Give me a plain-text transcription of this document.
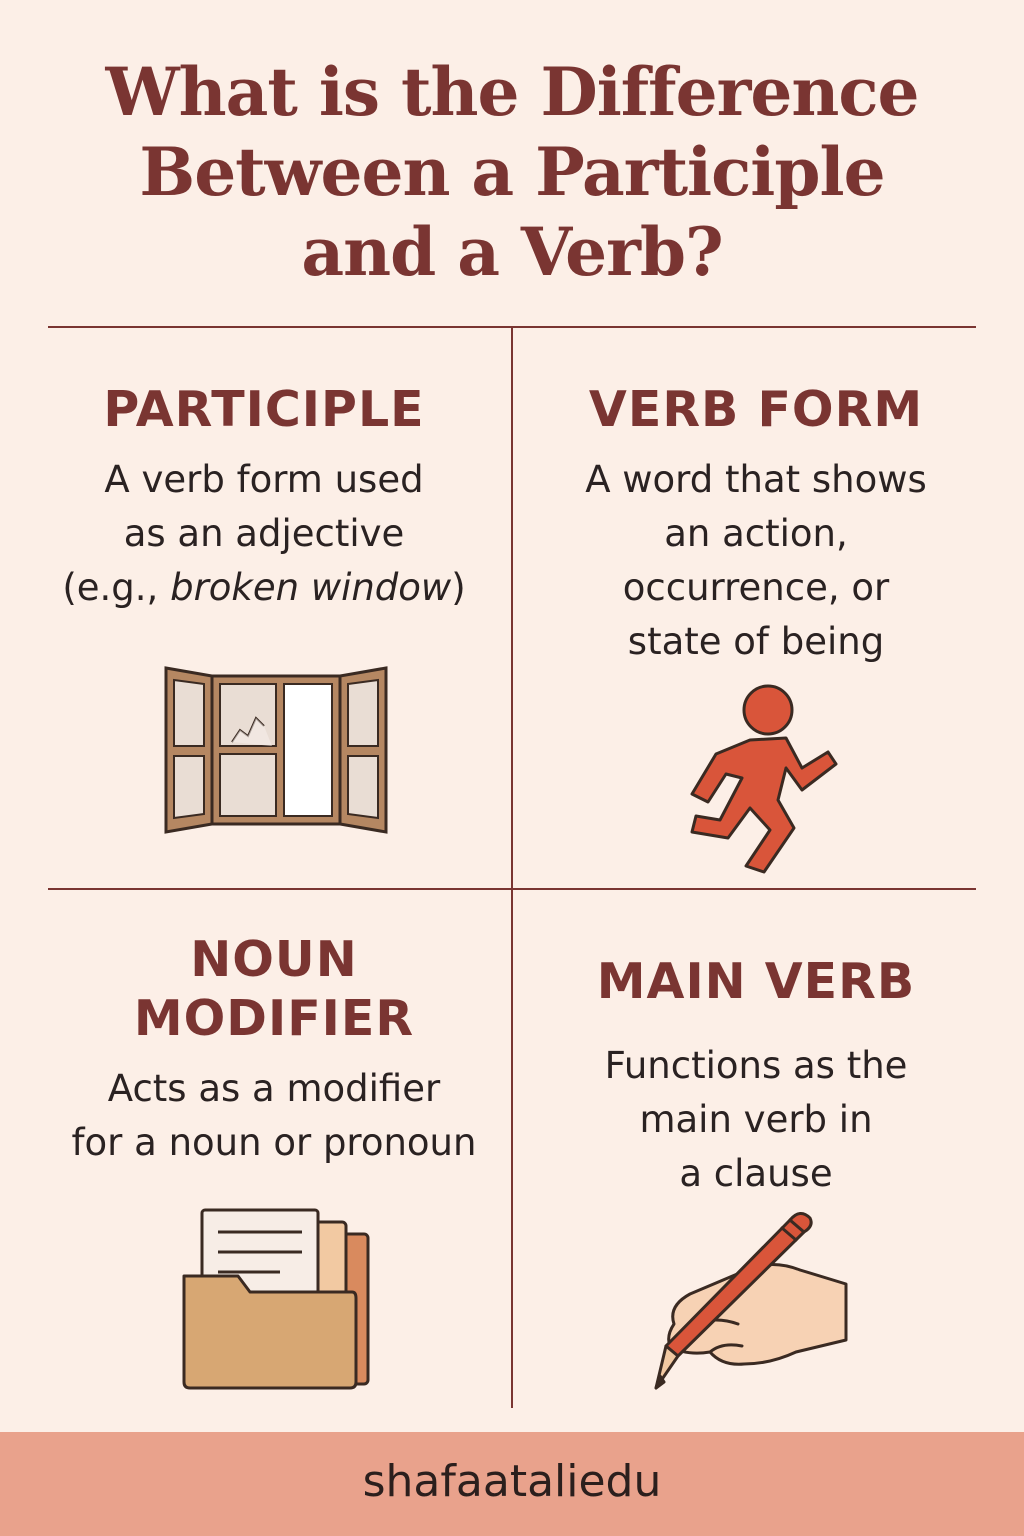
What is the Difference
Between a Participle
and a Verb?
PARTICIPLE

A verb form used
as an adjective
(e.g., broken window)

VERB FORM

A word that shows
an action,
occurrence, or
state of being

NOUN
MODIFIER

Acts as a modifier
for a noun or pronoun

MAIN VERB

Functions as the
main verb in
a clause

shafaataliedu
